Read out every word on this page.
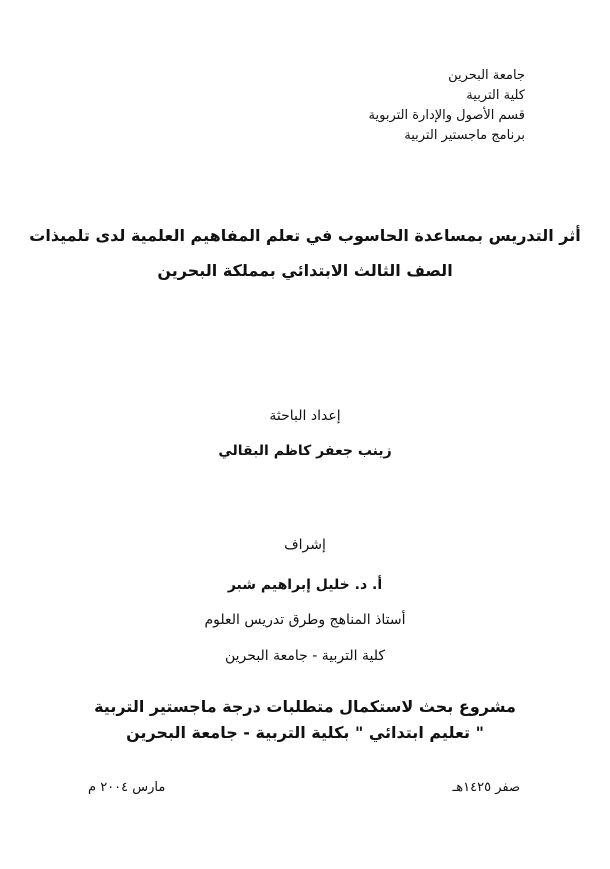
جامعة البحرين
كلية التربية
قسم الأصول والإدارة التربوية
برنامج ماجستير التربية
أثر التدريس بمساعدة الحاسوب في تعلم المفاهيم العلمية لدى تلميذات
الصف الثالث الابتدائي بمملكة البحرين
إعداد الباحثة
زينب جعفر كاظم البقالي
إشراف
أ. د. خليل إبراهيم شبر
أستاذ المناهج وطرق تدريس العلوم
كلية التربية - جامعة البحرين
مشروع بحث لاستكمال متطلبات درجة ماجستير التربية
" تعليم ابتدائي " بكلية التربية - جامعة البحرين
صفر ١٤٢٥هـ
مارس ٢٠٠٤ م
